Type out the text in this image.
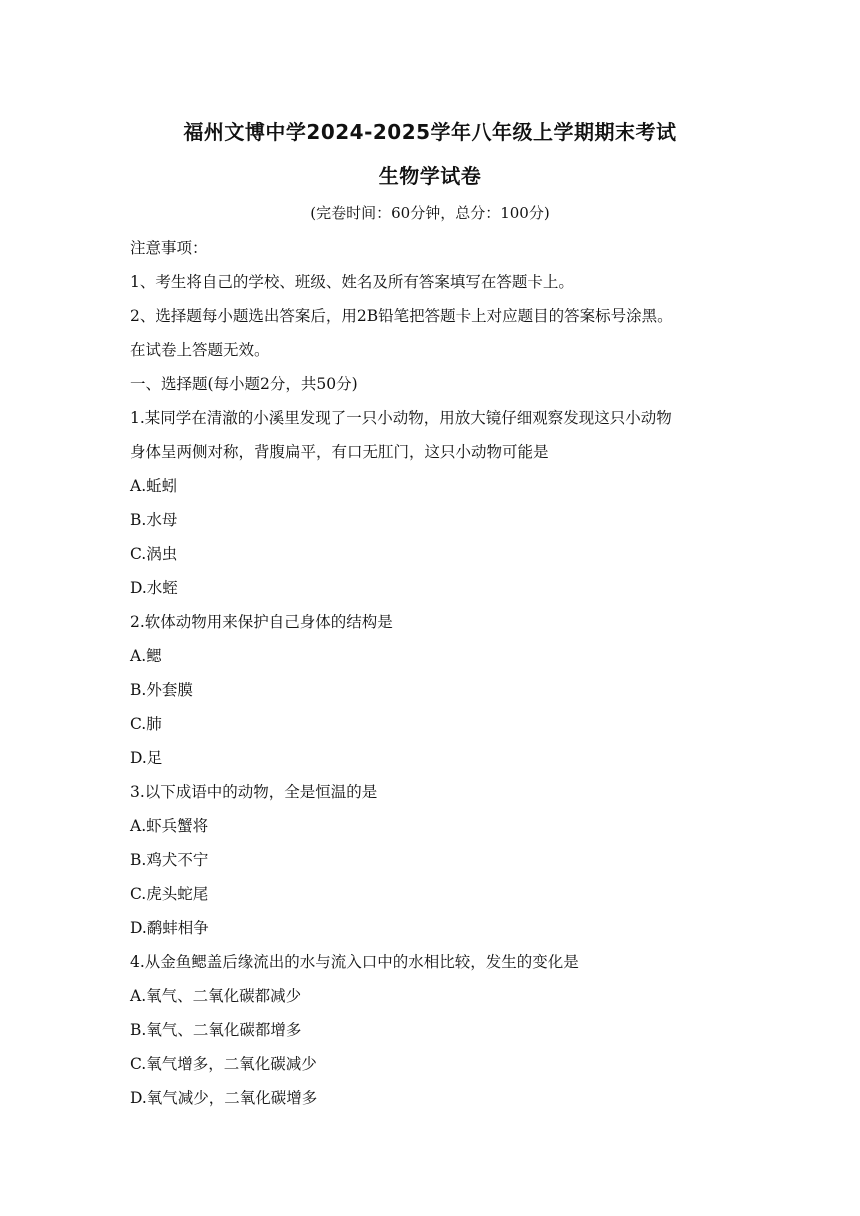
福州文博中学2024-2025学年八年级上学期期末考试
生物学试卷
(完卷时间：60分钟，总分：100分)
注意事项：
1、考生将自己的学校、班级、姓名及所有答案填写在答题卡上。
2、选择题每小题选出答案后，用2B铅笔把答题卡上对应题目的答案标号涂黑。
在试卷上答题无效。
一、选择题(每小题2分，共50分)
1.某同学在清澈的小溪里发现了一只小动物，用放大镜仔细观察发现这只小动物
身体呈两侧对称，背腹扁平，有口无肛门，这只小动物可能是
A.蚯蚓
B.水母
C.涡虫
D.水蛭
2.软体动物用来保护自己身体的结构是
A.鳃
B.外套膜
C.肺
D.足
3.以下成语中的动物，全是恒温的是
A.虾兵蟹将
B.鸡犬不宁
C.虎头蛇尾
D.鹬蚌相争
4.从金鱼鳃盖后缘流出的水与流入口中的水相比较，发生的变化是
A.氧气、二氧化碳都减少
B.氧气、二氧化碳都增多
C.氧气增多，二氧化碳减少
D.氧气减少，二氧化碳增多
